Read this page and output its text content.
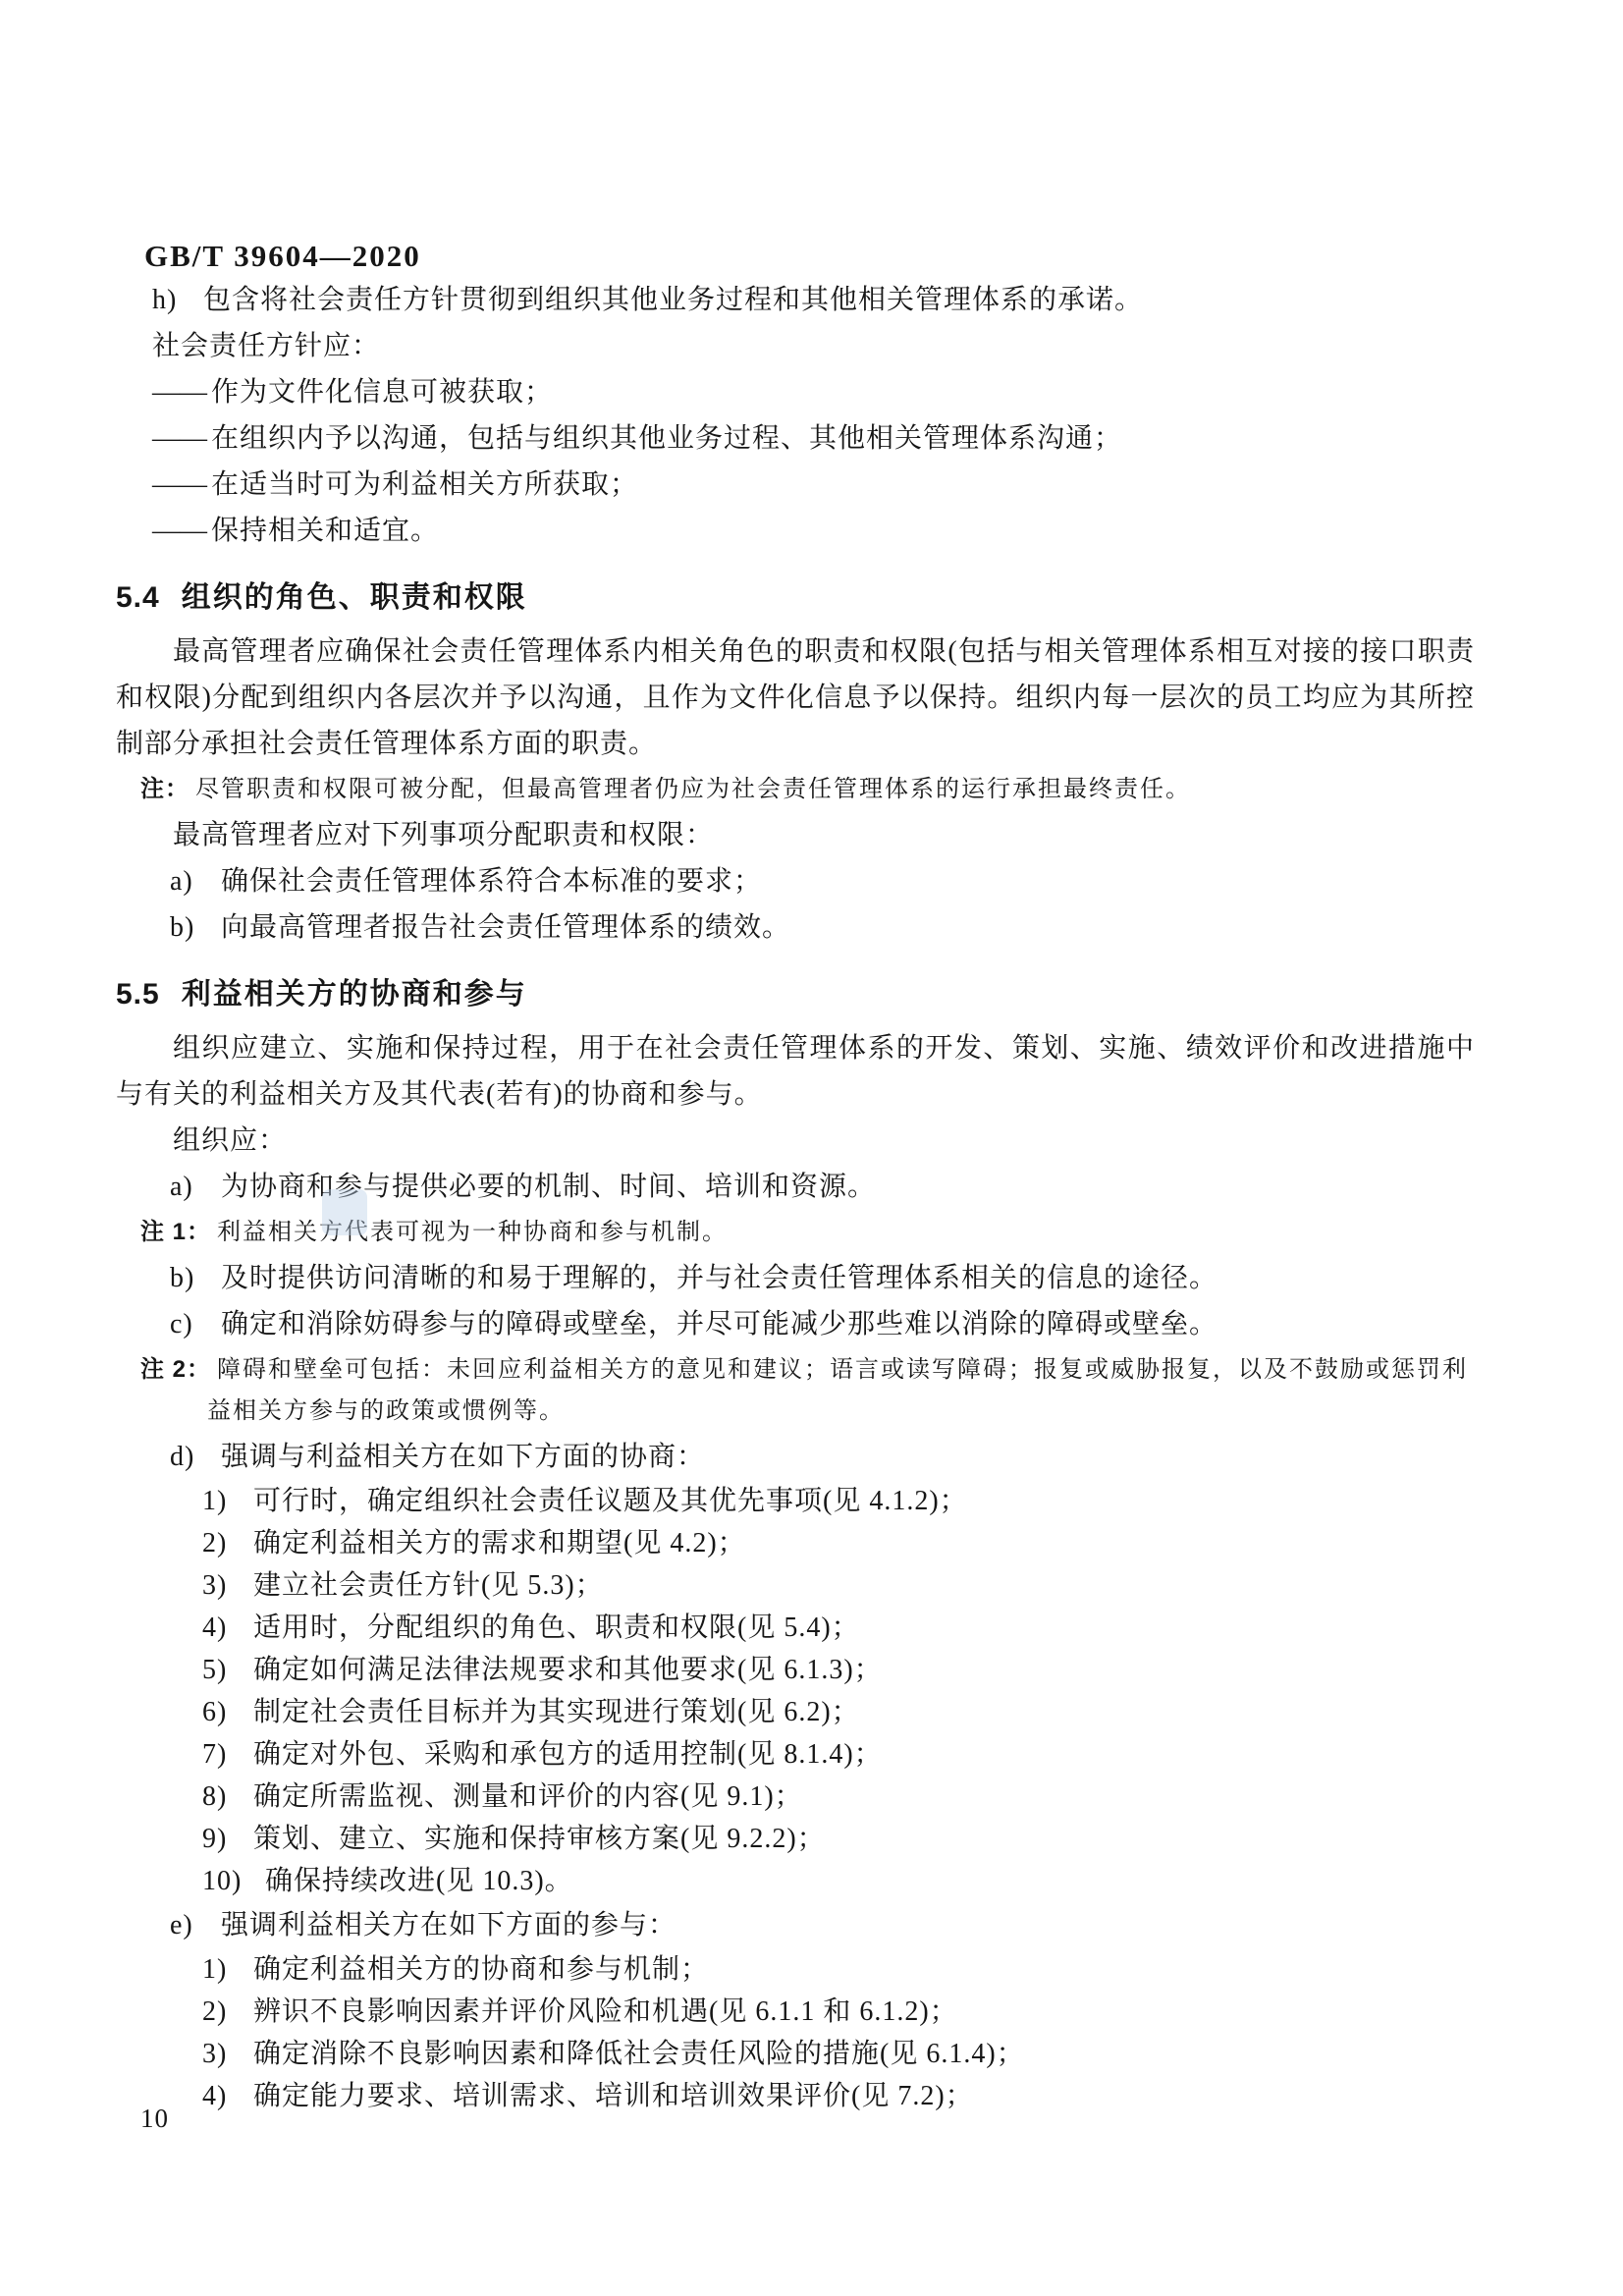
GB/T 39604—2020
h) 包含将社会责任方针贯彻到组织其他业务过程和其他相关管理体系的承诺。
社会责任方针应：
—— 作为文件化信息可被获取；
—— 在组织内予以沟通，包括与组织其他业务过程、其他相关管理体系沟通；
—— 在适当时可为利益相关方所获取；
—— 保持相关和适宜。
5.4 组织的角色、职责和权限
最高管理者应确保社会责任管理体系内相关角色的职责和权限(包括与相关管理体系相互对接的接口职责和权限)分配到组织内各层次并予以沟通，且作为文件化信息予以保持。组织内每一层次的员工均应为其所控制部分承担社会责任管理体系方面的职责。
注： 尽管职责和权限可被分配，但最高管理者仍应为社会责任管理体系的运行承担最终责任。
最高管理者应对下列事项分配职责和权限：
a)	确保社会责任管理体系符合本标准的要求；
b) 向最高管理者报告社会责任管理体系的绩效。
5.5 利益相关方的协商和参与
组织应建立、实施和保持过程，用于在社会责任管理体系的开发、策划、实施、绩效评价和改进措施中与有关的利益相关方及其代表(若有)的协商和参与。
组织应：
a)	为协商和参与提供必要的机制、时间、培训和资源。
注 1： 利益相关方代表可视为一种协商和参与机制。
b) 及时提供访问清晰的和易于理解的，并与社会责任管理体系相关的信息的途径。
c)	确定和消除妨碍参与的障碍或壁垒，并尽可能减少那些难以消除的障碍或壁垒。
注 2： 障碍和壁垒可包括：未回应利益相关方的意见和建议；语言或读写障碍；报复或威胁报复，以及不鼓励或惩罚利益相关方参与的政策或惯例等。
d) 强调与利益相关方在如下方面的协商：
1) 可行时，确定组织社会责任议题及其优先事项(见 4.1.2)；
2) 确定利益相关方的需求和期望(见 4.2)；
3) 建立社会责任方针(见 5.3)；
4) 适用时，分配组织的角色、职责和权限(见 5.4)；
5) 确定如何满足法律法规要求和其他要求(见 6.1.3)；
6) 制定社会责任目标并为其实现进行策划(见 6.2)；
7) 确定对外包、采购和承包方的适用控制(见 8.1.4)；
8) 确定所需监视、测量和评价的内容(见 9.1)；
9) 策划、建立、实施和保持审核方案(见 9.2.2)；
10) 确保持续改进(见 10.3)。
e)	强调利益相关方在如下方面的参与：
1) 确定利益相关方的协商和参与机制；
2) 辨识不良影响因素并评价风险和机遇(见 6.1.1 和 6.1.2)；
3) 确定消除不良影响因素和降低社会责任风险的措施(见 6.1.4)；
4) 确定能力要求、培训需求、培训和培训效果评价(见 7.2)；
10
